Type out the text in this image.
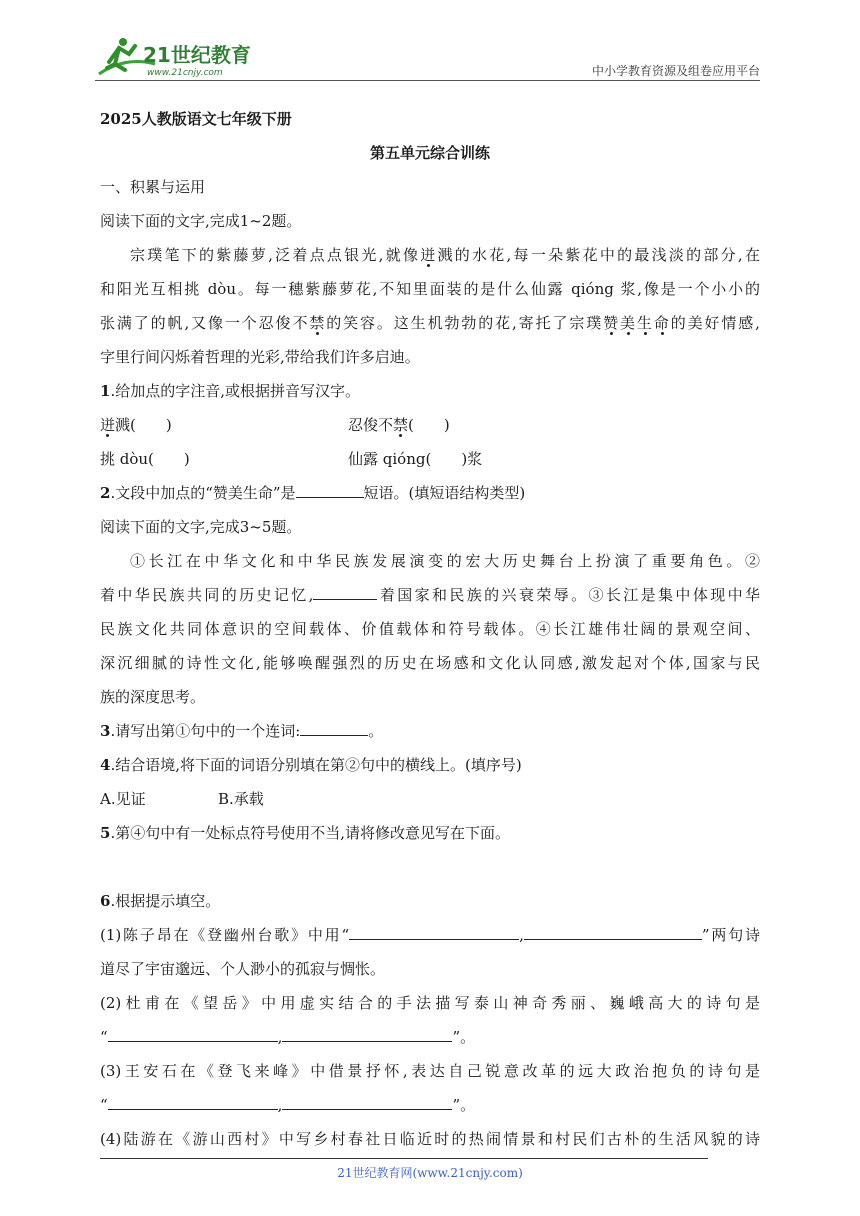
21世纪教育
www.21cnjy.com	中小学教育资源及组卷应用平台
2025人教版语文七年级下册
第五单元综合训练
一、积累与运用
阅读下面的文字,完成1~2题。
宗璞笔下的紫藤萝,泛着点点银光,就像迸溅的水花,每一朵紫花中的最浅淡的部分,在
和阳光互相挑 dòu。每一穗紫藤萝花,不知里面装的是什么仙露 qióng 浆,像是一个小小的
张满了的帆,又像一个忍俊不禁的笑容。这生机勃勃的花,寄托了宗璞赞美生命的美好情感,
字里行间闪烁着哲理的光彩,带给我们许多启迪。
1.给加点的字注音,或根据拼音写汉字。
迸溅(　　)	忍俊不禁(　　)
挑 dòu(　　)	仙露 qióng(　　)浆
2.文段中加点的“赞美生命”是	短语。(填短语结构类型)
阅读下面的文字,完成3~5题。
①长江在中华文化和中华民族发展演变的宏大历史舞台上扮演了重要角色。②
着中华民族共同的历史记忆,	着国家和民族的兴衰荣辱。③长江是集中体现中华
民族文化共同体意识的空间载体、价值载体和符号载体。④长江雄伟壮阔的景观空间、
深沉细腻的诗性文化,能够唤醒强烈的历史在场感和文化认同感,激发起对个体,国家与民
族的深度思考。
3.请写出第①句中的一个连词:	。
4.结合语境,将下面的词语分别填在第②句中的横线上。(填序号)
A.见证	B.承载
5.第④句中有一处标点符号使用不当,请将修改意见写在下面。
6.根据提示填空。
(1)陈子昂在《登幽州台歌》中用“	,	”两句诗
道尽了宇宙邈远、个人渺小的孤寂与惆怅。
(2)杜甫在《望岳》中用虚实结合的手法描写泰山神奇秀丽、巍峨高大的诗句是
“	,	”。
(3)王安石在《登飞来峰》中借景抒怀,表达自己锐意改革的远大政治抱负的诗句是
“	,	”。
(4)陆游在《游山西村》中写乡村春社日临近时的热闹情景和村民们古朴的生活风貌的诗
21世纪教育网(www.21cnjy.com)
